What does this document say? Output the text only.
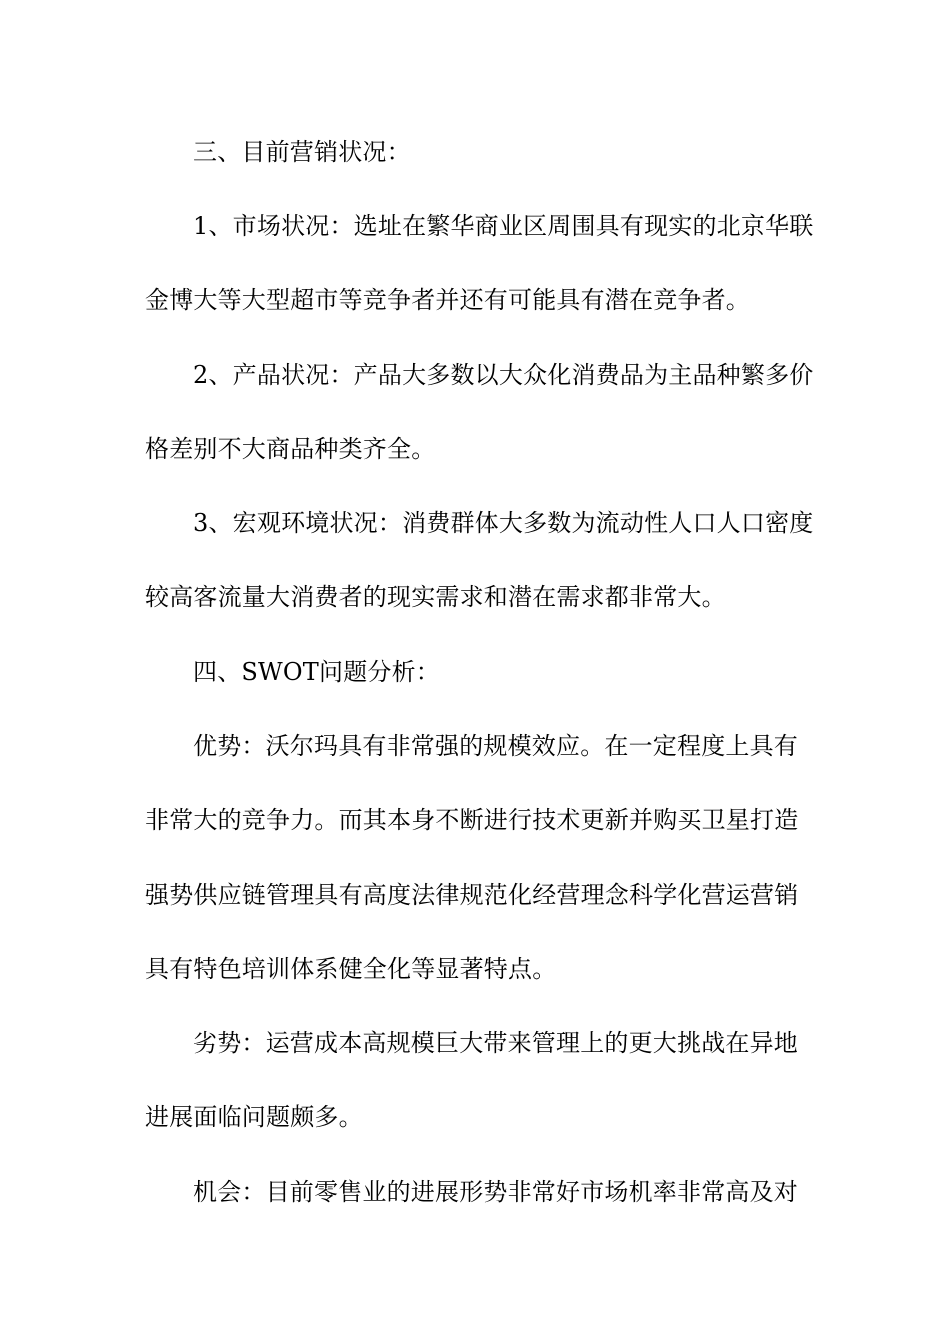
三、目前营销状况：
1、市场状况：选址在繁华商业区周围具有现实的北京华联
金博大等大型超市等竞争者并还有可能具有潜在竞争者。
2、产品状况：产品大多数以大众化消费品为主品种繁多价
格差别不大商品种类齐全。
3、宏观环境状况：消费群体大多数为流动性人口人口密度
较高客流量大消费者的现实需求和潜在需求都非常大。
四、SWOT问题分析：
优势：沃尔玛具有非常强的规模效应。在一定程度上具有
非常大的竞争力。而其本身不断进行技术更新并购买卫星打造
强势供应链管理具有高度法律规范化经营理念科学化营运营销
具有特色培训体系健全化等显著特点。
劣势：运营成本高规模巨大带来管理上的更大挑战在异地
进展面临问题颇多。
机会：目前零售业的进展形势非常好市场机率非常高及对
